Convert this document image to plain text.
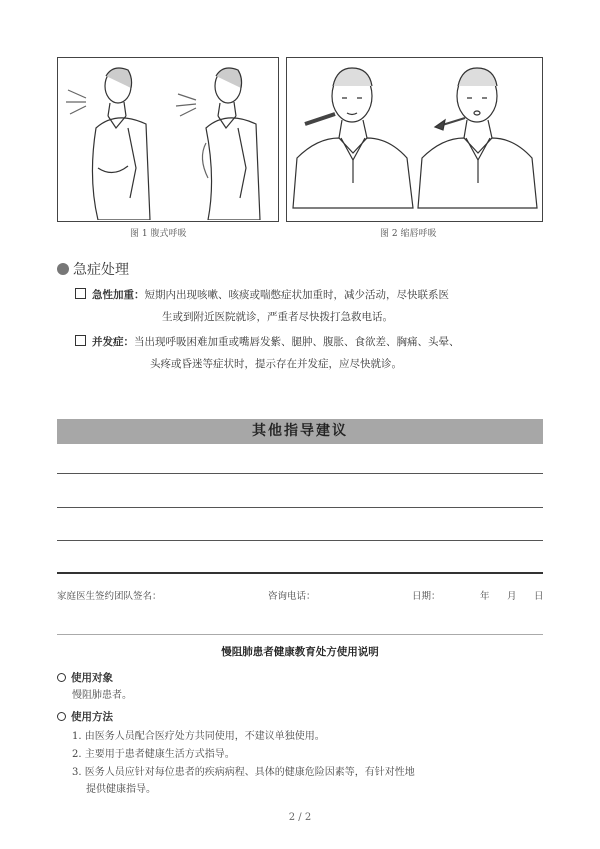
图 1 腹式呼吸	图 2 缩唇呼吸
急症处理
急性加重：短期内出现咳嗽、咳痰或喘憋症状加重时，减少活动，尽快联系医
生或到附近医院就诊，严重者尽快拨打急救电话。
并发症：当出现呼吸困难加重或嘴唇发紫、腿肿、腹胀、食欲差、胸痛、头晕、
头疼或昏迷等症状时，提示存在并发症，应尽快就诊。
其他指导建议
家庭医生签约团队签名：	咨询电话：	日期：	年 月 日
慢阻肺患者健康教育处方使用说明
使用对象
慢阻肺患者。
使用方法
1. 由医务人员配合医疗处方共同使用，不建议单独使用。
2. 主要用于患者健康生活方式指导。
3. 医务人员应针对每位患者的疾病病程、具体的健康危险因素等，有针对性地
提供健康指导。
2 / 2
